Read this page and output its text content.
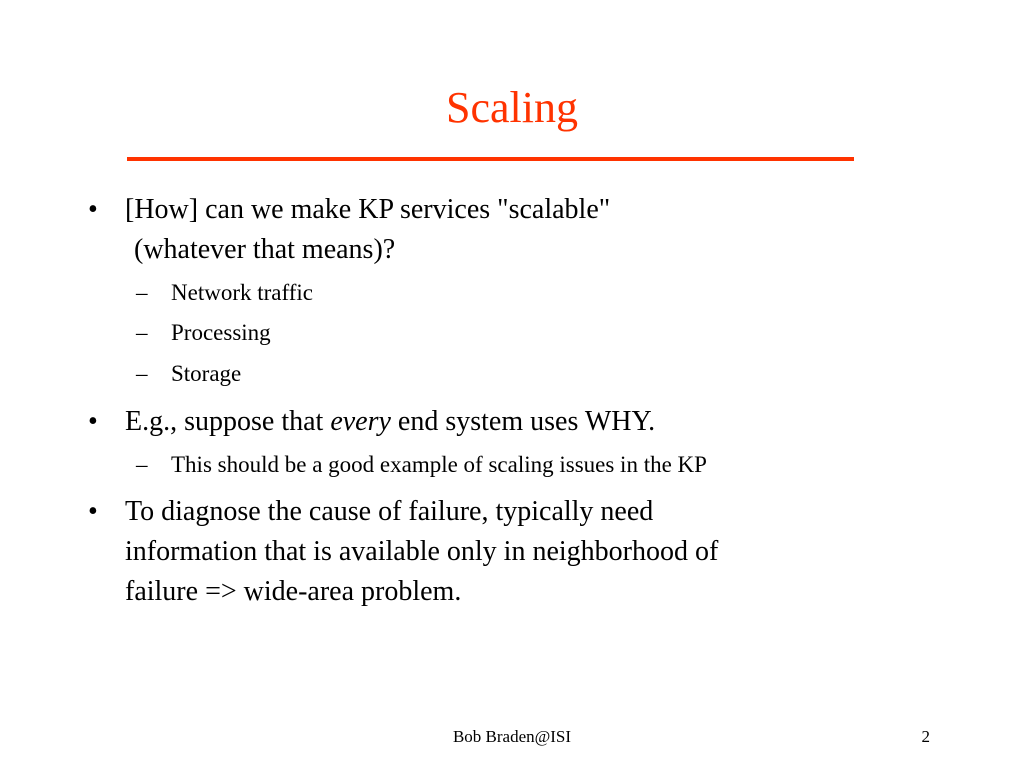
Scaling
• [How] can we make KP services "scalable"
(whatever that means)?
– Network traffic
– Processing
– Storage
• E.g., suppose that every end system uses WHY.
– This should be a good example of scaling issues in the KP
• To diagnose the cause of failure, typically need
information that is available only in neighborhood of
failure => wide-area problem.
Bob Braden@ISI	2
